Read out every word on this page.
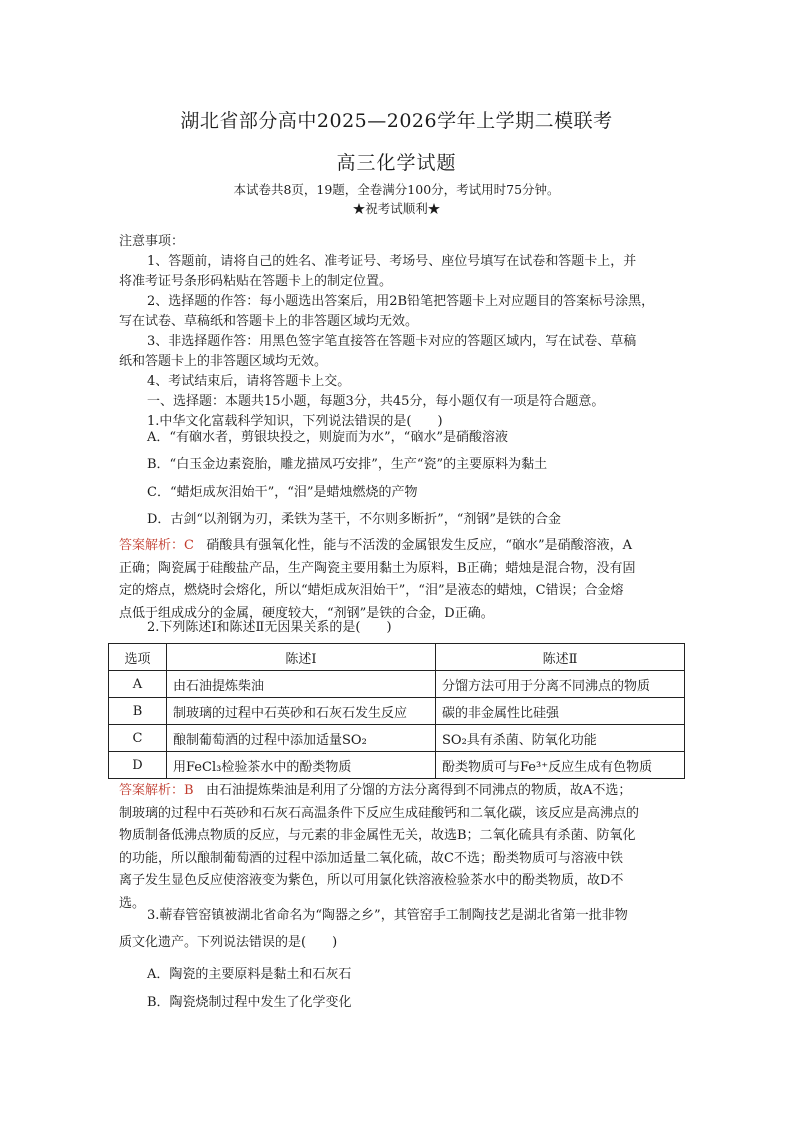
湖北省部分高中2025—2026学年上学期二模联考
高三化学试题
本试卷共8页，19题，全卷满分100分，考试用时75分钟。
★祝考试顺利★
注意事项：
1、答题前，请将自己的姓名、准考证号、考场号、座位号填写在试卷和答题卡上，并
将准考证号条形码粘贴在答题卡上的制定位置。
2、选择题的作答：每小题选出答案后，用2B铅笔把答题卡上对应题目的答案标号涂黑，
写在试卷、草稿纸和答题卡上的非答题区域均无效。
3、非选择题作答：用黑色签字笔直接答在答题卡对应的答题区域内，写在试卷、草稿
纸和答题卡上的非答题区域均无效。
4、考试结束后，请将答题卡上交。
一、选择题：本题共15小题，每题3分，共45分，每小题仅有一项是符合题意。
1.中华文化富载科学知识，下列说法错误的是(　　)
A．“有硇水者，剪银块投之，则旋而为水”，“硇水”是硝酸溶液
B．“白玉金边素瓷胎，雕龙描凤巧安排”，生产“瓷”的主要原料为黏土
C．“蜡炬成灰泪始干”，“泪”是蜡烛燃烧的产物
D．古剑“以剂钢为刃，柔铁为茎干，不尔则多断折”，“剂钢”是铁的合金
答案解析：C 硝酸具有强氧化性，能与不活泼的金属银发生反应，“硇水”是硝酸溶液，A
正确；陶瓷属于硅酸盐产品，生产陶瓷主要用黏土为原料，B正确；蜡烛是混合物，没有固
定的熔点，燃烧时会熔化，所以“蜡炬成灰泪始干”，“泪”是液态的蜡烛，C错误；合金熔
点低于组成成分的金属，硬度较大，“剂钢”是铁的合金，D正确。
2.下列陈述Ⅰ和陈述Ⅱ无因果关系的是(　　)
选项	陈述Ⅰ	陈述Ⅱ
A	由石油提炼柴油	分馏方法可用于分离不同沸点的物质
B	制玻璃的过程中石英砂和石灰石发生反应	碳的非金属性比硅强
C	酿制葡萄酒的过程中添加适量SO₂	SO₂具有杀菌、防氧化功能
D	用FeCl₃检验茶水中的酚类物质	酚类物质可与Fe³⁺反应生成有色物质
答案解析：B 由石油提炼柴油是利用了分馏的方法分离得到不同沸点的物质，故A不选；
制玻璃的过程中石英砂和石灰石高温条件下反应生成硅酸钙和二氧化碳，该反应是高沸点的
物质制备低沸点物质的反应，与元素的非金属性无关，故选B；二氧化硫具有杀菌、防氧化
的功能，所以酿制葡萄酒的过程中添加适量二氧化硫，故C不选；酚类物质可与溶液中铁
离子发生显色反应使溶液变为紫色，所以可用氯化铁溶液检验茶水中的酚类物质，故D不
选。
3.蕲春管窑镇被湖北省命名为“陶器之乡”，其管窑手工制陶技艺是湖北省第一批非物
质文化遗产。下列说法错误的是(　　)
A．陶瓷的主要原料是黏土和石灰石
B．陶瓷烧制过程中发生了化学变化
